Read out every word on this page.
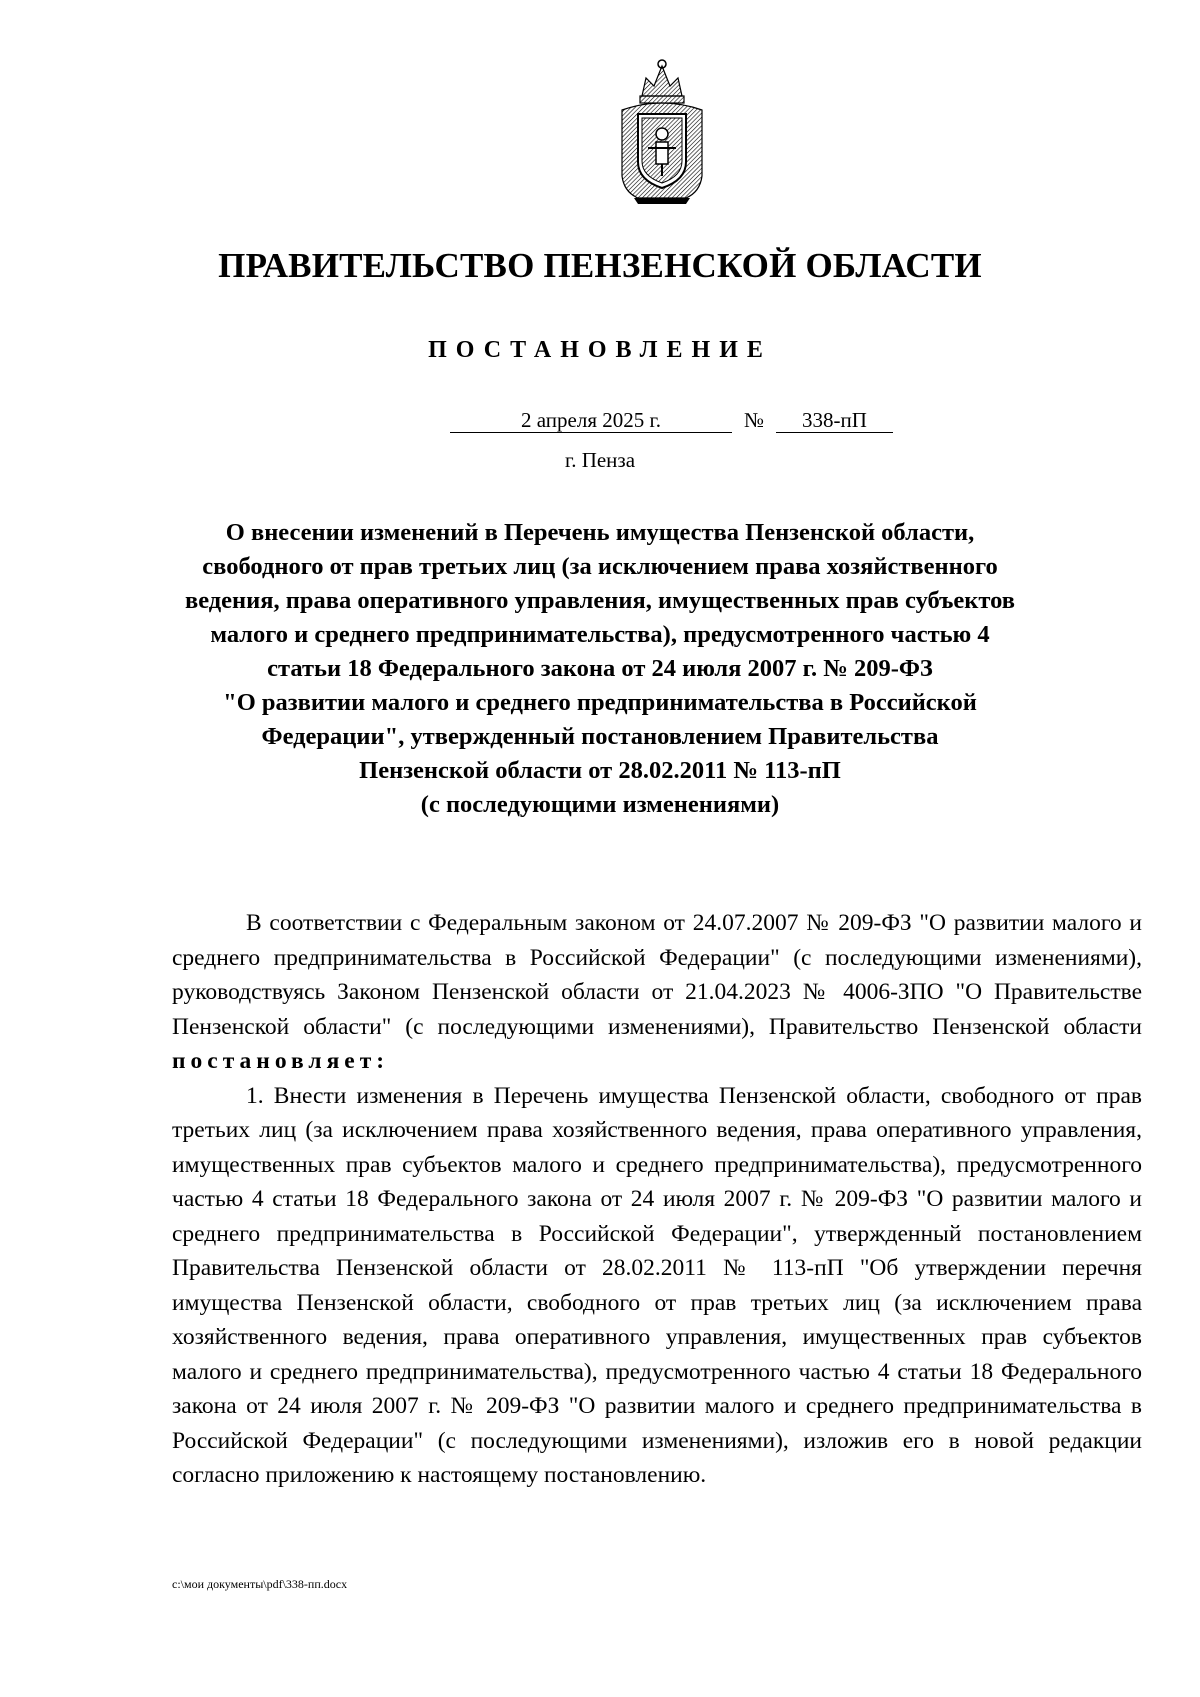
ПРАВИТЕЛЬСТВО ПЕНЗЕНСКОЙ ОБЛАСТИ
ПОСТАНОВЛЕНИЕ
2 апреля 2025 г.	№	338-пП
г. Пенза
О внесении изменений в Перечень имущества Пензенской области,
свободного от прав третьих лиц (за исключением права хозяйственного
ведения, права оперативного управления, имущественных прав субъектов
малого и среднего предпринимательства), предусмотренного частью 4
статьи 18 Федерального закона от 24 июля 2007 г. № 209-ФЗ
"О развитии малого и среднего предпринимательства в Российской
Федерации", утвержденный постановлением Правительства
Пензенской области от 28.02.2011 № 113-пП
(с последующими изменениями)

В соответствии с Федеральным законом от 24.07.2007 № 209-ФЗ "О развитии малого и среднего предпринимательства в Российской Федерации" (с последующими изменениями), руководствуясь Законом Пензенской области от 21.04.2023 № 4006-ЗПО "О Правительстве Пензенской области" (с последующими изменениями), Правительство Пензенской области постановляет:

1. Внести изменения в Перечень имущества Пензенской области, свободного от прав третьих лиц (за исключением права хозяйственного ведения, права оперативного управления, имущественных прав субъектов малого и среднего предпринимательства), предусмотренного частью 4 статьи 18 Федерального закона от 24 июля 2007 г. № 209-ФЗ "О развитии малого и среднего предпринимательства в Российской Федерации", утвержденный постановлением Правительства Пензенской области от 28.02.2011 № 113-пП "Об утверждении перечня имущества Пензенской области, свободного от прав третьих лиц (за исключением права хозяйственного ведения, права оперативного управления, имущественных прав субъектов малого и среднего предпринимательства), предусмотренного частью 4 статьи 18 Федерального закона от 24 июля 2007 г. № 209-ФЗ "О развитии малого и среднего предпринимательства в Российской Федерации" (с последующими изменениями), изложив его в новой редакции согласно приложению к настоящему постановлению.

c:\мои документы\pdf\338-пп.docx
